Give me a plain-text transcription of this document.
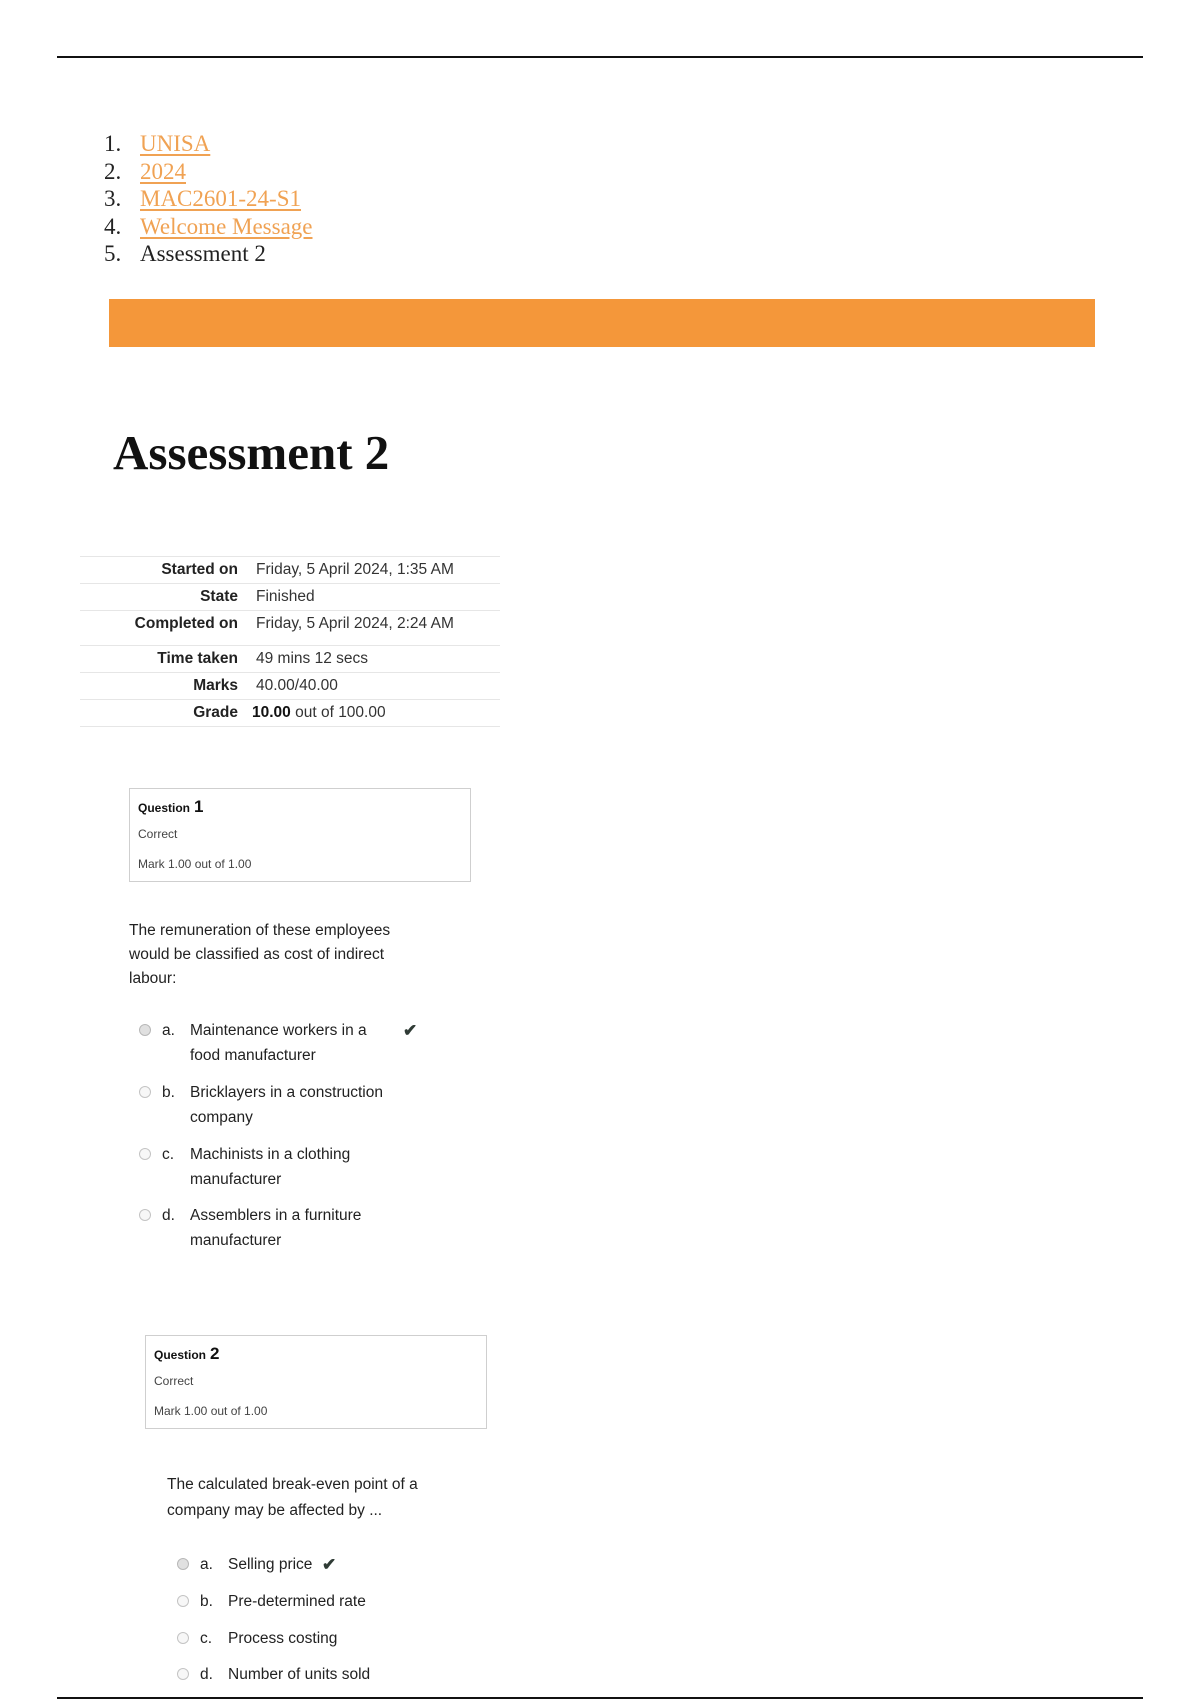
1. UNISA
2. 2024
3. MAC2601-24-S1
4. Welcome Message
5. Assessment 2
Assessment 2
Started on Friday, 5 April 2024, 1:35 AM
State Finished
Completed on Friday, 5 April 2024, 2:24 AM
Time taken 49 mins 12 secs
Marks 40.00/40.00
Grade 10.00 out of 100.00
Question 1
Correct
Mark 1.00 out of 1.00
The remuneration of these employees would be classified as cost of indirect labour:
a. Maintenance workers in a food manufacturer
✔
b. Bricklayers in a construction company
c. Machinists in a clothing manufacturer
d. Assemblers in a furniture manufacturer
Question 2
Correct
Mark 1.00 out of 1.00
The calculated break-even point of a company may be affected by ...
a. Selling price ✔
b. Pre-determined rate
c. Process costing
d. Number of units sold
